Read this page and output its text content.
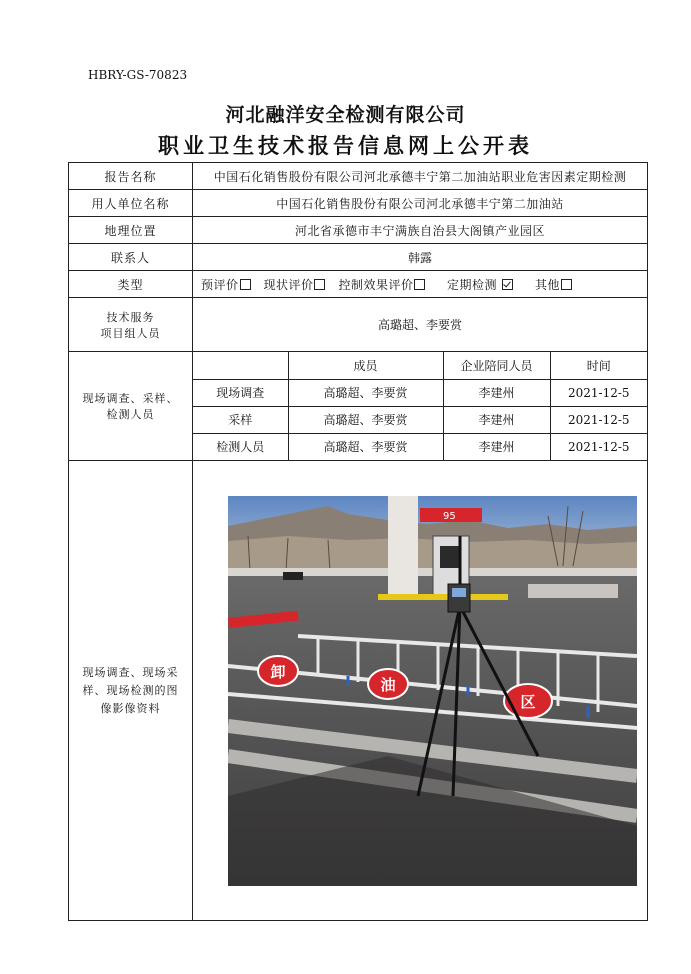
HBRY-GS-70823
河北融洋安全检测有限公司
职业卫生技术报告信息网上公开表
报告名称	中国石化销售股份有限公司河北承德丰宁第二加油站职业危害因素定期检测
用人单位名称	中国石化销售股份有限公司河北承德丰宁第二加油站
地理位置	河北省承德市丰宁满族自治县大阁镇产业园区
联系人	韩露
类型	预评价 现状评价 控制效果评价	定期检测	其他

技术服务
项目组人员
	高璐超、李要赏

现场调查、采样、
检测人员

	成员	企业陪同人员	时间
现场调查	高璐超、李要赏	李建州	2021-12-5
采样	高璐超、李要赏	李建州	2021-12-5
检测人员	高璐超、李要赏	李建州	2021-12-5

现场调查、现场采
样、现场检测的图
像影像资料

95
卸
油
区
